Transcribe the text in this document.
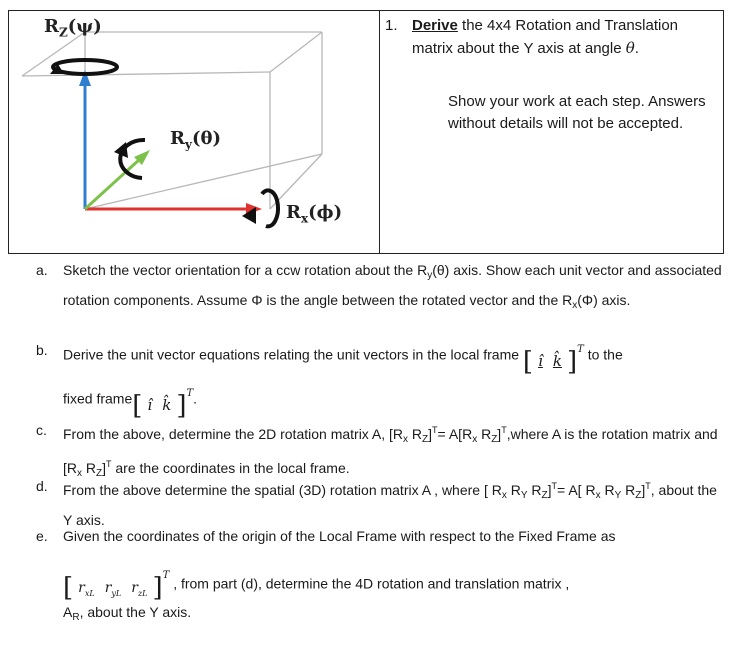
$R_Z(\psi)$
$R_y(\theta)$
$R_x(\phi)$
1. Derive the 4x4 Rotation and Translation
matrix about the Y axis at angle θ.
Show your work at each step. Answers without details will not be accepted.
a. Sketch the vector orientation for a ccw rotation about the $R_y(\theta)$ axis. Show each unit vector and associated rotation components. Assume Φ is the angle between the rotated vector and the $R_x(\Phi)$ axis.
b. Derive the unit vector equations relating the unit vectors in the local frame [ î k̂ ]$^T$ to the
fixed frame[ î k̂ ]$^T$.
c. From the above, determine the 2D rotation matrix A, [$R_x$ $R_Z]^T= A[R_x$ $R_Z]^T,where$ A is the rotation matrix and [$R_x$ $R_Z]^T$ are the coordinates in the local frame.
d. From the above determine the spatial (3D) rotation matrix A , where [ $R_x$ $R_Y$ $R_Z]^T= A$[ $R_x$ $R_Y$ $R_Z]^T$, about the Y axis.
e. Given the coordinates of the origin of the Local Frame with respect to the Fixed Frame as
[ $r_{xL}$ $r_{yL}$ $r_{zL}$ ]$^T$ , from part (d), determine the 4D rotation and translation matrix ,
$A_R$, about the Y axis.
